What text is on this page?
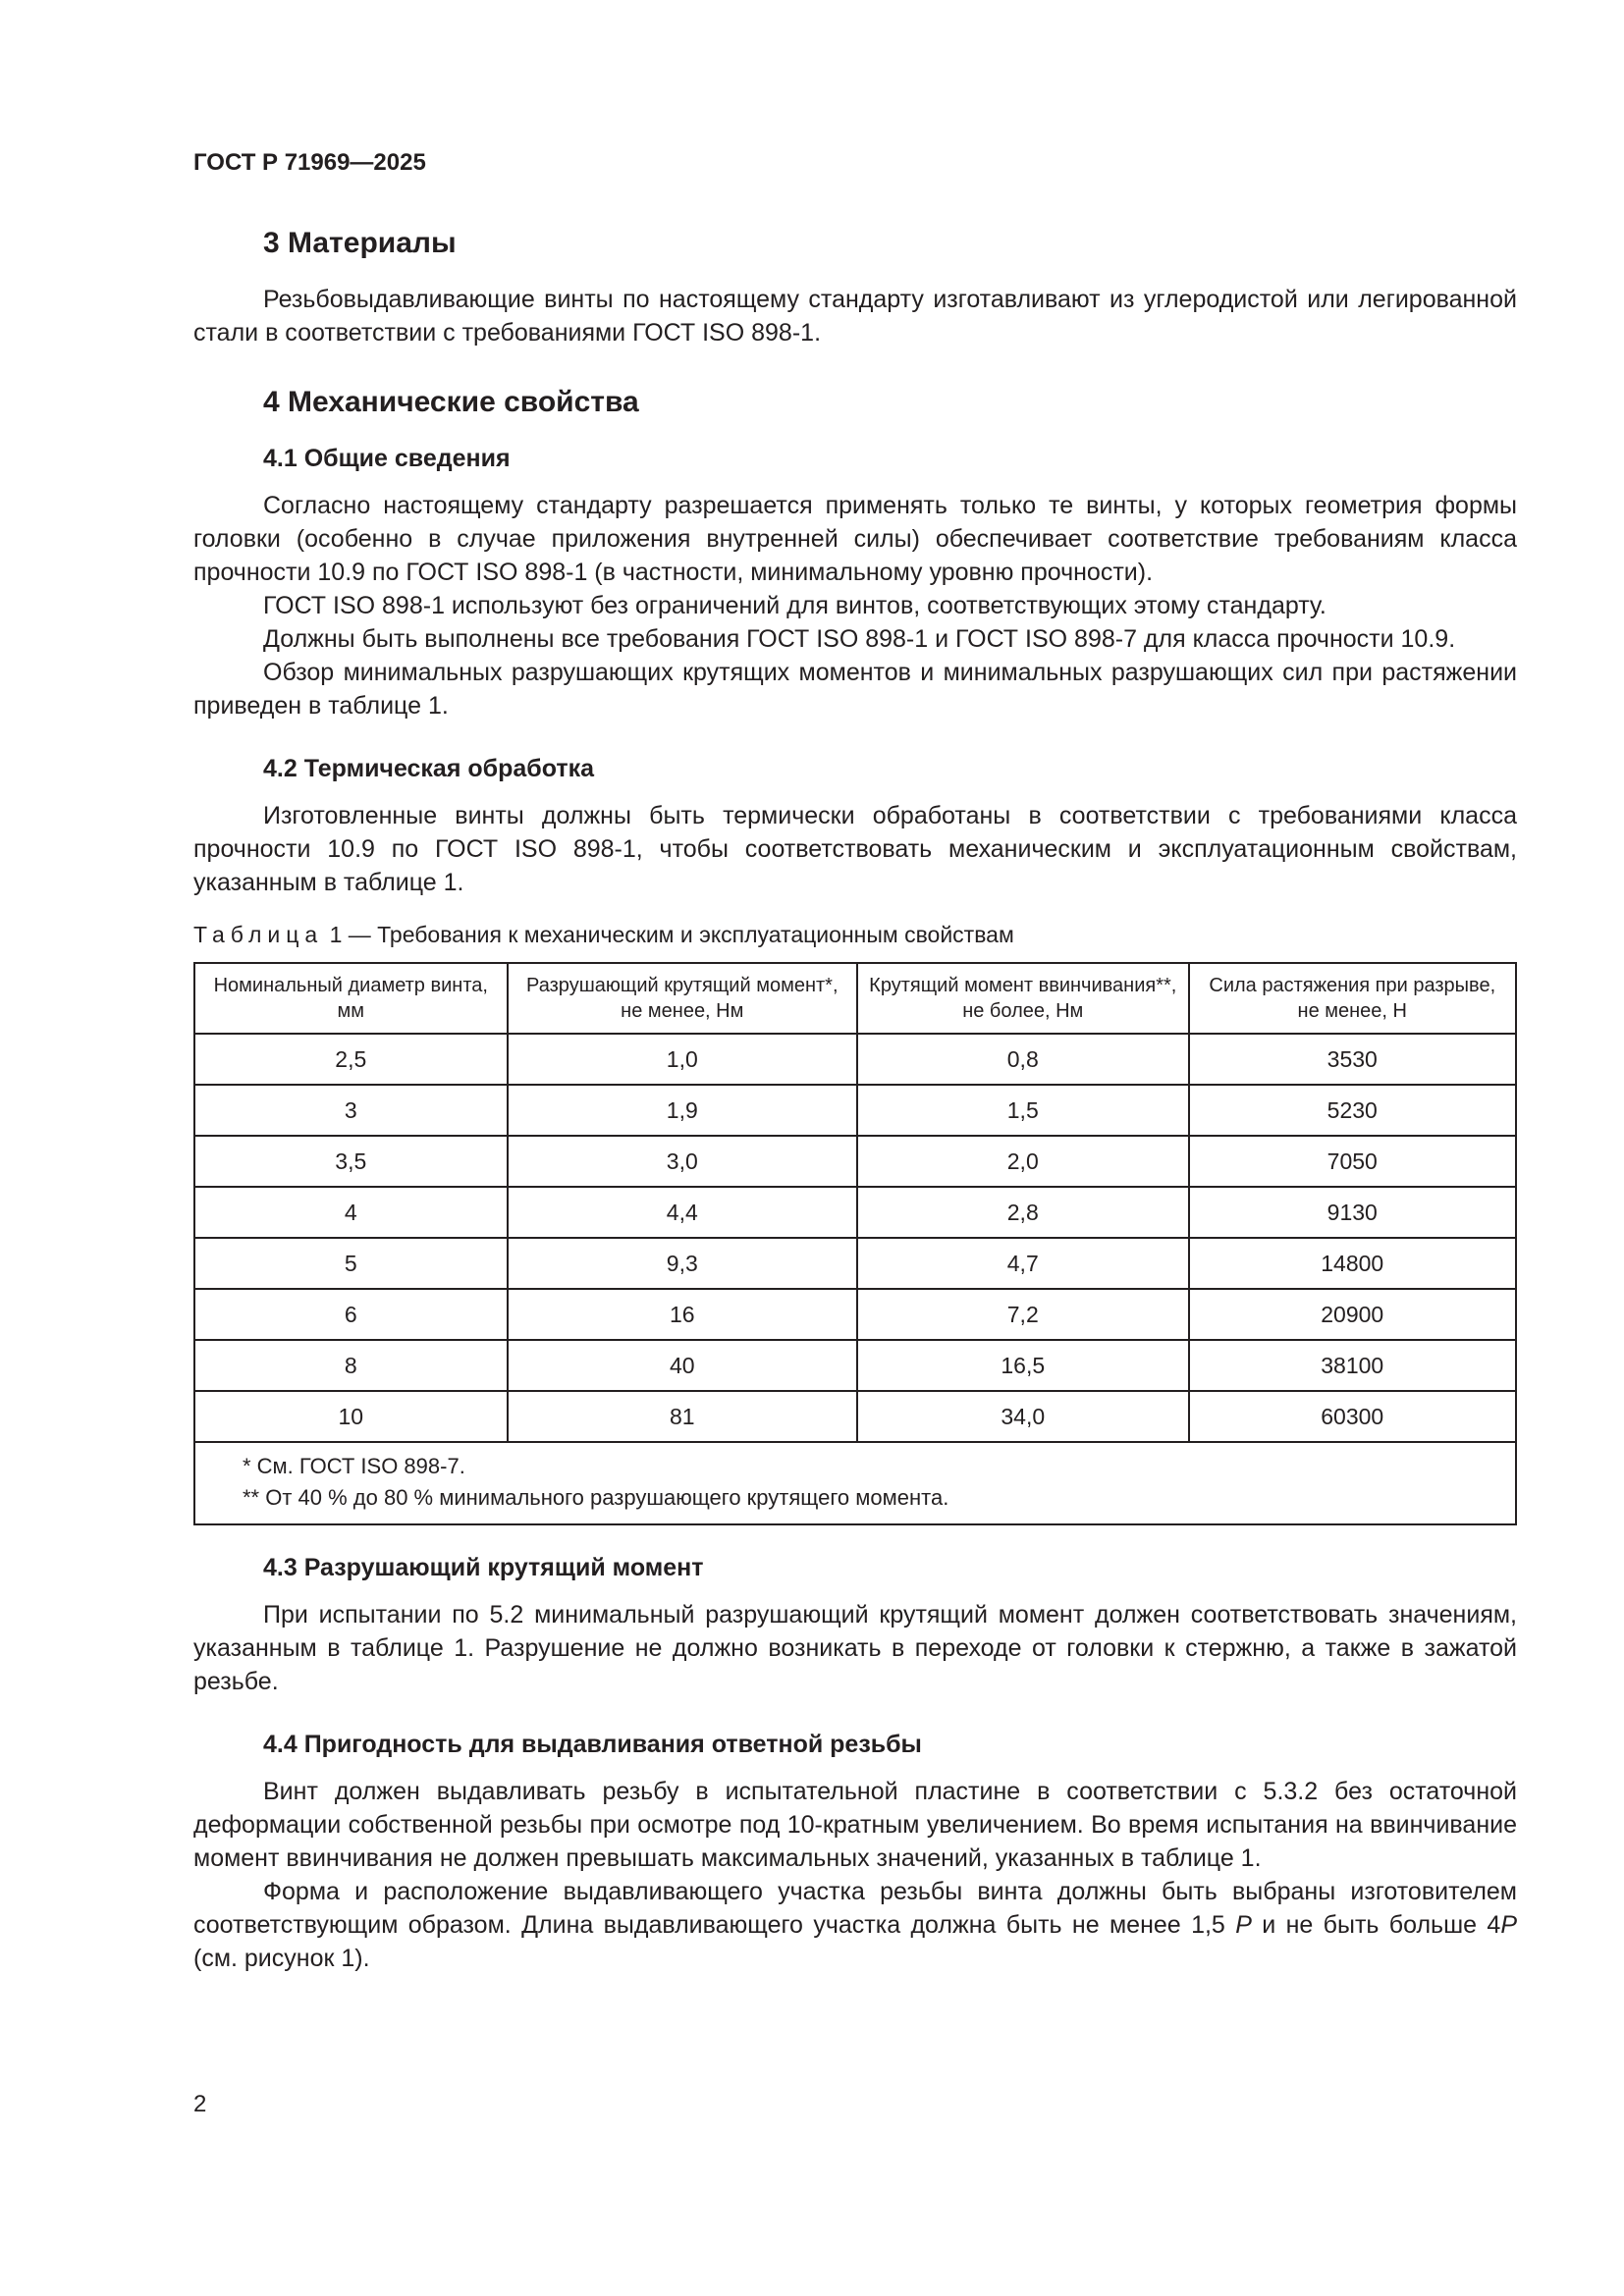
ГОСТ Р 71969—2025
3 Материалы

Резьбовыдавливающие винты по настоящему стандарту изготавливают из углеродистой или легированной стали в соответствии с требованиями ГОСТ ISO 898-1.

4 Механические свойства
4.1 Общие сведения

Согласно настоящему стандарту разрешается применять только те винты, у которых геометрия формы головки (особенно в случае приложения внутренней силы) обеспечивает соответствие требованиям класса прочности 10.9 по ГОСТ ISO 898-1 (в частности, минимальному уровню прочности).

ГОСТ ISO 898-1 используют без ограничений для винтов, соответствующих этому стандарту.

Должны быть выполнены все требования ГОСТ ISO 898-1 и ГОСТ ISO 898-7 для класса прочности 10.9.

Обзор минимальных разрушающих крутящих моментов и минимальных разрушающих сил при растяжении приведен в таблице 1.

4.2 Термическая обработка

Изготовленные винты должны быть термически обработаны в соответствии с требованиями класса прочности 10.9 по ГОСТ ISO 898-1, чтобы соответствовать механическим и эксплуатационным свойствам, указанным в таблице 1.

Таблица 1 — Требования к механическим и эксплуатационным свойствам

Номинальный диаметр винта, мм	Разрушающий крутящий момент*, не менее, Нм	Крутящий момент ввинчивания**, не более, Нм	Сила растяжения при разрыве, не менее, Н
2,5	1,0	0,8	3530
3	1,9	1,5	5230
3,5	3,0	2,0	7050
4	4,4	2,8	9130
5	9,3	4,7	14800
6	16	7,2	20900
8	40	16,5	38100
10	81	34,0	60300

* См. ГОСТ ISO 898-7.
** От 40 % до 80 % минимального разрушающего крутящего момента.			
4.3 Разрушающий крутящий момент

При испытании по 5.2 минимальный разрушающий крутящий момент должен соответствовать значениям, указанным в таблице 1. Разрушение не должно возникать в переходе от головки к стержню, а также в зажатой резьбе.

4.4 Пригодность для выдавливания ответной резьбы

Винт должен выдавливать резьбу в испытательной пластине в соответствии с 5.3.2 без остаточной деформации собственной резьбы при осмотре под 10-кратным увеличением. Во время испытания на ввинчивание момент ввинчивания не должен превышать максимальных значений, указанных в таблице 1.

Форма и расположение выдавливающего участка резьбы винта должны быть выбраны изготовителем соответствующим образом. Длина выдавливающего участка должна быть не менее 1,5 P и не быть больше 4P (см. рисунок 1).

2
